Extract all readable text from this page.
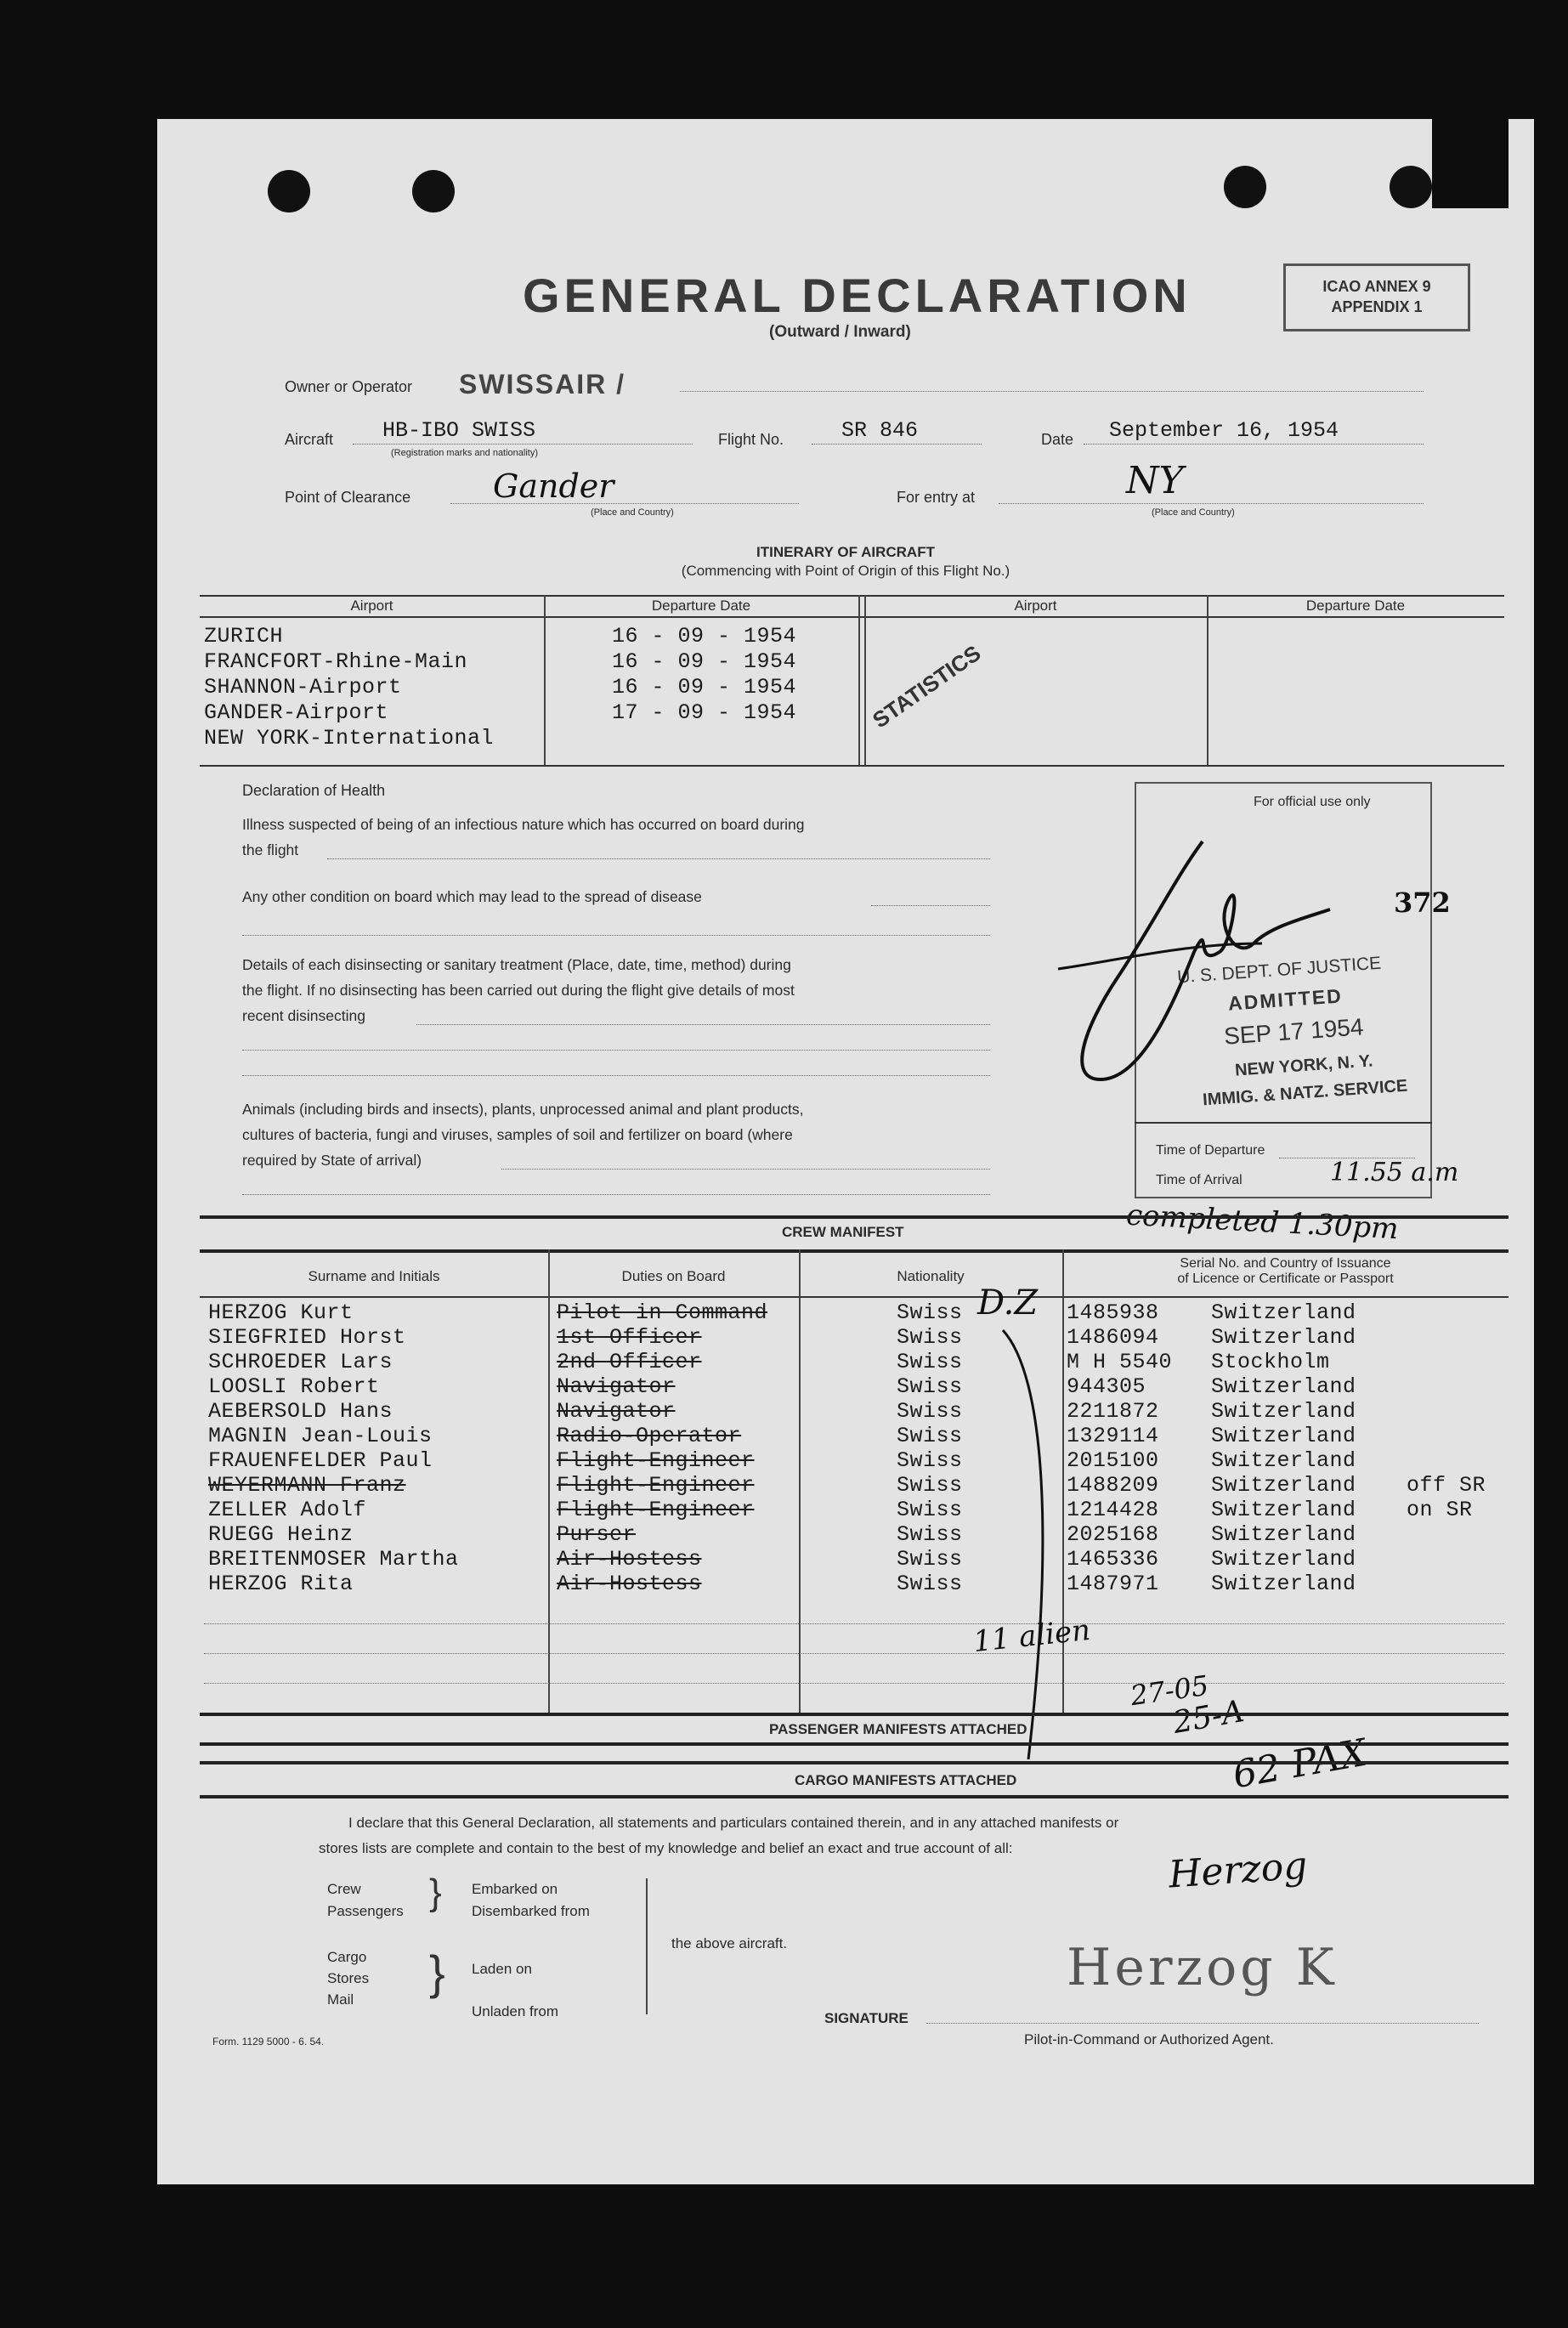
GENERAL DECLARATION
(Outward / Inward)
ICAO ANNEX 9
APPENDIX 1
Owner or Operator SWISSAIR /
Aircraft HB-IBO SWISS
(Registration marks and nationality)
Flight No.	SR 846	Date September 16, 1954
Point of Clearance	Gander
(Place and Country)
For entry at	NY
(Place and Country)
ITINERARY OF AIRCRAFT
(Commencing with Point of Origin of this Flight No.)
Airport	Departure Date	Airport	Departure Date
ZURICH	16 - 09 - 1954
FRANCFORT-Rhine-Main	16 - 09 - 1954
SHANNON-Airport	16 - 09 - 1954
GANDER-Airport	17 - 09 - 1954
NEW YORK-International
STATISTICS
Declaration of Health
Illness suspected of being of an infectious nature which has occurred on board during
the flight
Any other condition on board which may lead to the spread of disease
Details of each disinsecting or sanitary treatment (Place, date, time, method) during
the flight. If no disinsecting has been carried out during the flight give details of most
recent disinsecting
Animals (including birds and insects), plants, unprocessed animal and plant products,
cultures of bacteria, fungi and viruses, samples of soil and fertilizer on board (where
required by State of arrival)
For official use only
372
U. S. DEPT. OF JUSTICE
ADMITTED
SEP 17 1954
NEW YORK, N. Y.
IMMIG. & NATZ. SERVICE
Time of Departure
Time of Arrival	11.55 a.m
completed 1.30pm
CREW MANIFEST
Surname and Initials	Duties on Board	Nationality
Serial No. and Country of Issuance
of Licence or Certificate or Passport
HERZOG Kurt	Pilot in Command	Swiss	1485938 Switzerland
SIEGFRIED Horst	1st Officer	Swiss	1486094 Switzerland
SCHROEDER Lars	2nd Officer	Swiss	M H 5540 Stockholm
LOOSLI Robert	Navigator	Swiss	944305	Switzerland
AEBERSOLD Hans	Navigator	Swiss	2211872 Switzerland
MAGNIN Jean-Louis	Radio-Operator	Swiss	1329114 Switzerland
FRAUENFELDER Paul	Flight-Engineer	Swiss	2015100 Switzerland
WEYERMANN Franz	Flight-Engineer	Swiss	1488209 Switzerland off SR
ZELLER Adolf	Flight-Engineer	Swiss	1214428 Switzerland on SR
RUEGG Heinz	Purser	Swiss	2025168 Switzerland
BREITENMOSER Martha	Air-Hostess	Swiss	1465336 Switzerland
HERZOG Rita	Air-Hostess	Swiss	1487971 Switzerland
D.Z
11 alien
27-05
25-A
62 PAX
PASSENGER MANIFESTS ATTACHED
CARGO MANIFESTS ATTACHED
I declare that this General Declaration, all statements and particulars contained therein, and in any attached manifests or
stores lists are complete and contain to the best of my knowledge and belief an exact and true account of all:
Crew
Passengers } Embarked on
Disembarked from
Cargo
Stores
Mail
} Laden on
Unladen from
the above aircraft.
Herzog
Herzog K
SIGNATURE
Pilot-in-Command or Authorized Agent.
Form. 1129 5000 - 6. 54.
